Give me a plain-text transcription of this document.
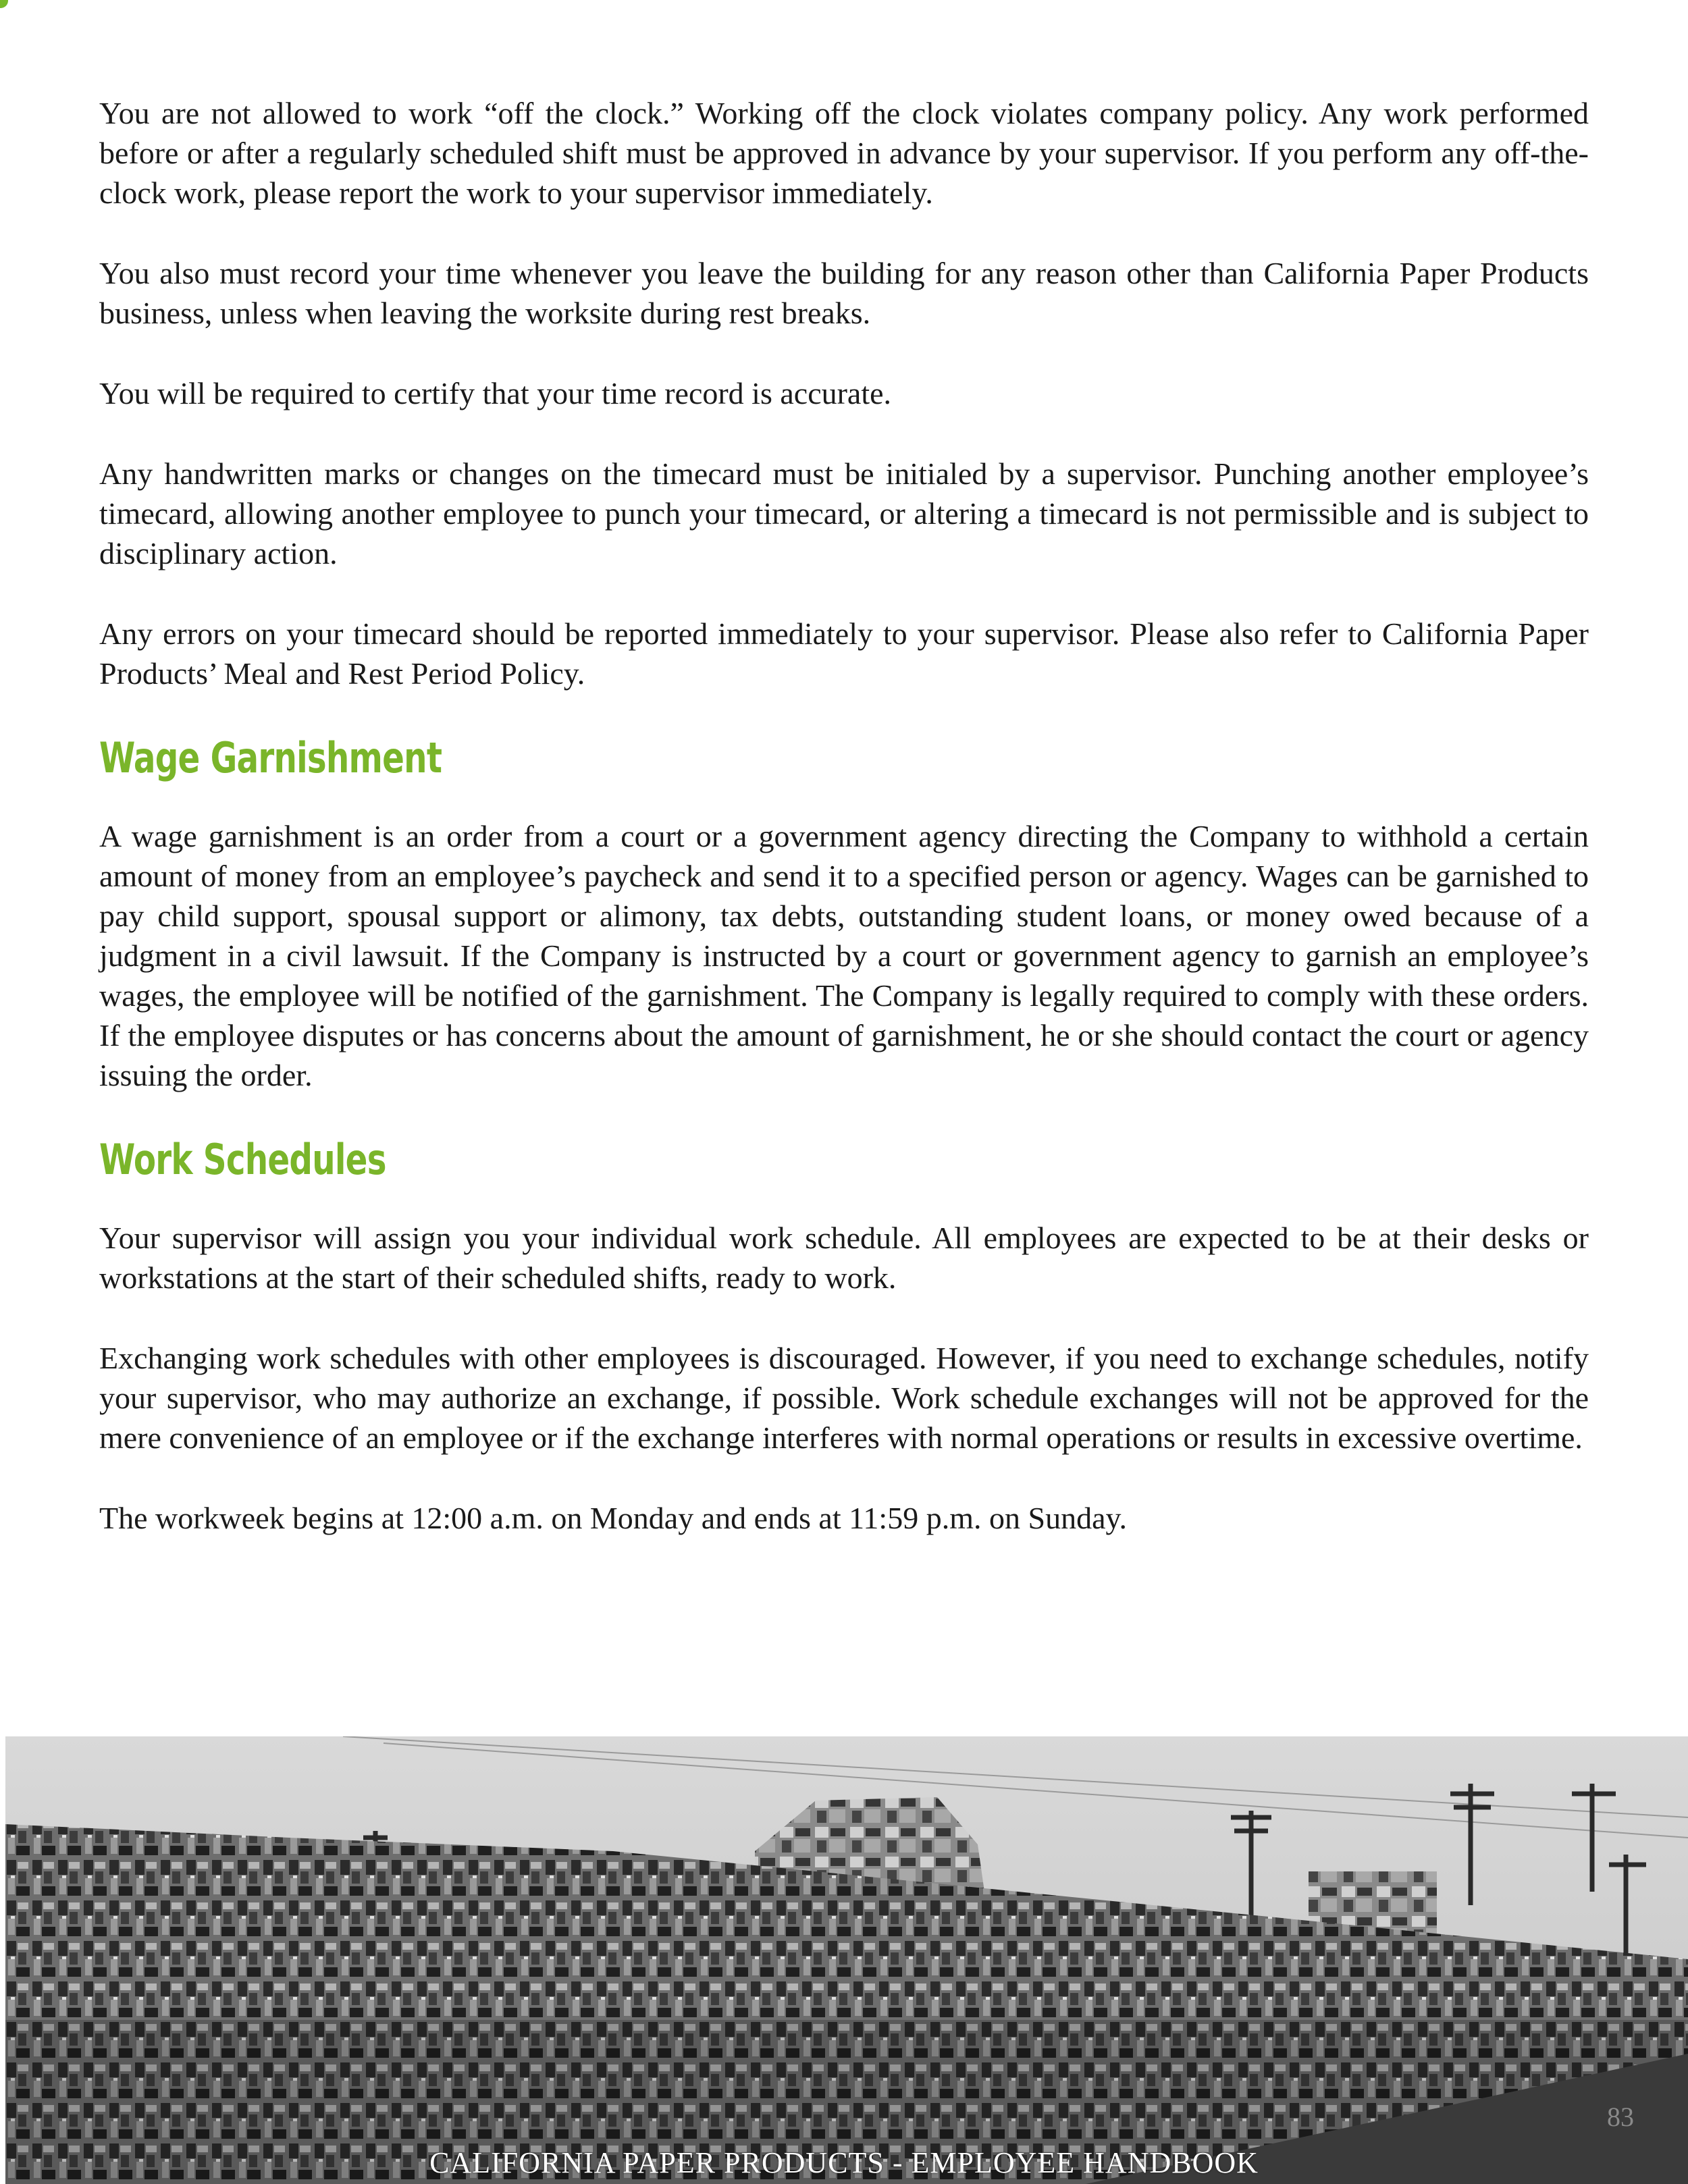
You are not allowed to work “off the clock.” Working off the clock violates company policy. Any work performed before or after a regularly scheduled shift must be approved in advance by your supervisor. If you perform any off-the-clock work, please report the work to your supervisor immediately.

You also must record your time whenever you leave the building for any reason other than California Paper Products business, unless when leaving the worksite during rest breaks.

You will be required to certify that your time record is accurate.

Any handwritten marks or changes on the timecard must be initialed by a supervisor. Punching another employee’s timecard, allowing another employee to punch your timecard, or altering a timecard is not permissible and is subject to disciplinary action.

Any errors on your timecard should be reported immediately to your supervisor. Please also refer to California Paper Products’ Meal and Rest Period Policy.

Wage Garnishment

A wage garnishment is an order from a court or a government agency directing the Company to withhold a certain amount of money from an employee’s paycheck and send it to a specified person or agency. Wages can be garnished to pay child support, spousal support or alimony, tax debts, outstanding student loans, or money owed because of a judgment in a civil lawsuit. If the Company is instructed by a court or government agency to garnish an employee’s wages, the employee will be notified of the garnishment. The Company is legally required to comply with these orders. If the employee disputes or has concerns about the amount of garnishment, he or she should contact the court or agency issuing the order.

Work Schedules

Your supervisor will assign you your individual work schedule. All employees are expected to be at their desks or workstations at the start of their scheduled shifts, ready to work.

Exchanging work schedules with other employees is discouraged. However, if you need to exchange schedules, notify your supervisor, who may authorize an exchange, if possible. Work schedule exchanges will not be approved for the mere convenience of an employee or if the exchange interferes with normal operations or results in excessive overtime.

The workweek begins at 12:00 a.m. on Monday and ends at 11:59 p.m. on Sunday.

CALIFORNIA PAPER PRODUCTS - EMPLOYEE HANDBOOK
83
